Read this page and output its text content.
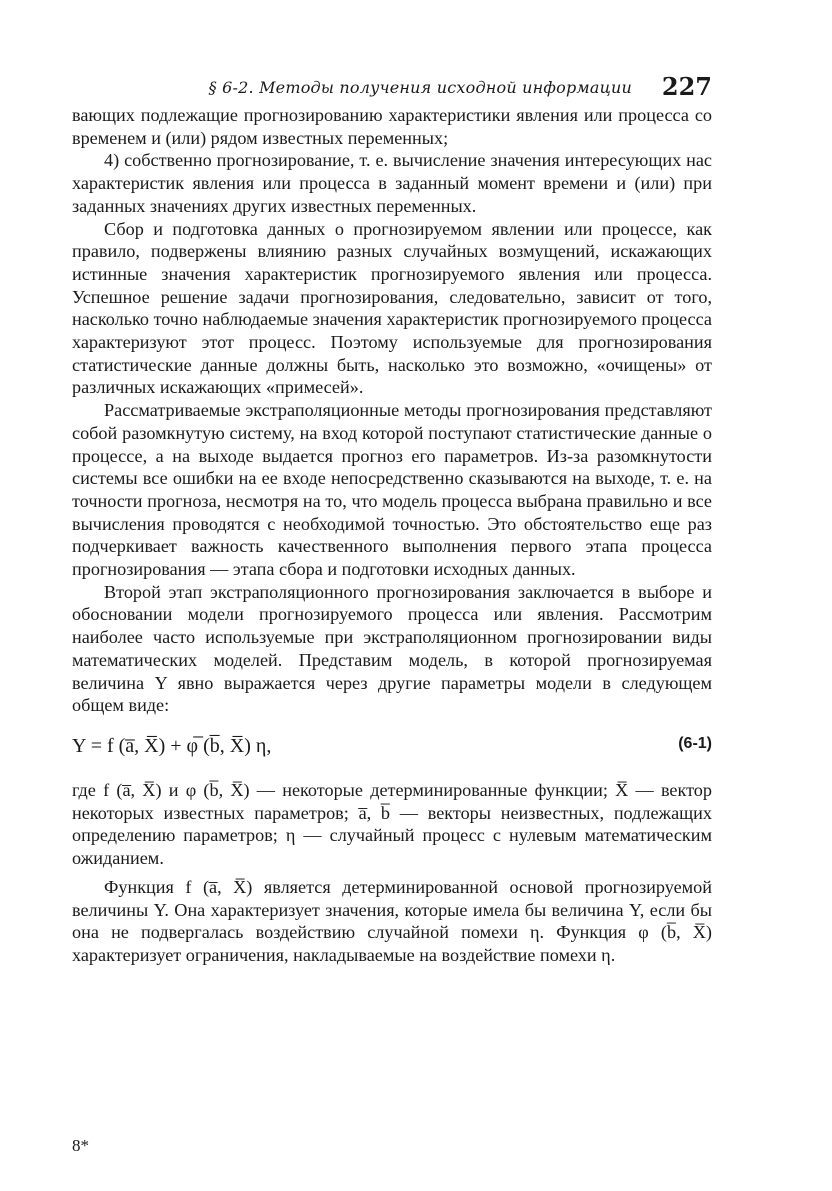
§ 6-2. Методы получения исходной информации 227

вающих подлежащие прогнозированию характеристики явления или процесса со временем и (или) рядом известных переменных;

4) собственно прогнозирование, т. е. вычисление значения интересующих нас характеристик явления или процесса в заданный момент времени и (или) при заданных значениях других известных переменных.

Сбор и подготовка данных о прогнозируемом явлении или процессе, как правило, подвержены влиянию разных случайных возмущений, искажающих истинные значения характеристик прогнозируемого явления или процесса. Успешное решение задачи прогнозирования, следовательно, зависит от того, насколько точно наблюдаемые значения характеристик прогнозируемого процесса характеризуют этот процесс. Поэтому используемые для прогнозирования статистические данные должны быть, насколько это возможно, «очищены» от различных искажающих «примесей».

Рассматриваемые экстраполяционные методы прогнозирования представляют собой разомкнутую систему, на вход которой поступают статистические данные о процессе, а на выходе выдается прогноз его параметров. Из-за разомкнутости системы все ошибки на ее входе непосредственно сказываются на выходе, т. е. на точности прогноза, несмотря на то, что модель процесса выбрана правильно и все вычисления проводятся с необходимой точностью. Это обстоятельство еще раз подчеркивает важность качественного выполнения первого этапа процесса прогнозирования — этапа сбора и подготовки исходных данных.

Второй этап экстраполяционного прогнозирования заключается в выборе и обосновании модели прогнозируемого процесса или явления. Рассмотрим наиболее часто используемые при экстраполяционном прогнозировании виды математических моделей. Представим модель, в которой прогнозируемая величина Y явно выражается через другие параметры модели в следующем общем виде:

Y = f (a̅, X̅) + φ̅ (b̅, X̅) η,	(6-1)

где f (a̅, X̅) и φ (b̅, X̅) — некоторые детерминированные функции; X̅ — вектор некоторых известных параметров; a̅, b̅ — векторы неизвестных, подлежащих определению параметров; η — случайный процесс с нулевым математическим ожиданием.

Функция f (a̅, X̅) является детерминированной основой прогнозируемой величины Y. Она характеризует значения, которые имела бы величина Y, если бы она не подвергалась воздействию случайной помехи η. Функция φ (b̅, X̅) характеризует ограничения, накладываемые на воздействие помехи η.

8*
